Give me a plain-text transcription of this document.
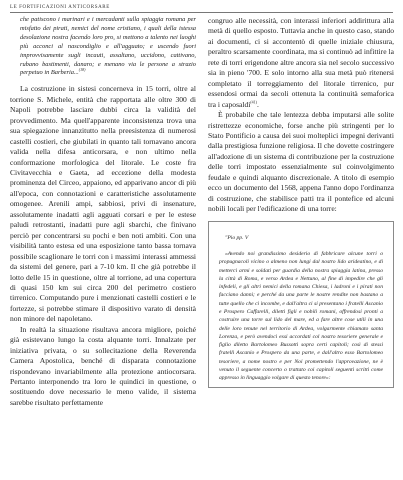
LE FORTIFICAZIONI ANTICORSARE

che patiscono i marinari e i mercadanti sulla spiaggia romana per misfatto dei pirati, nemici del nome cristiano, i quali della istessa desolazione nostra facendo loro pro, si mettono a talento nei luoghi più acconci al nascondiglio e all'agguato; e uscendo fuori improvvisamente sugli incauti, assaltano, uccidono, cattivano, rubano bastimenti, danaro; e menano via le persone a strazio perpetuo in Barberia...$^{(18)}$

La costruzione in sistesi concerneva in 15 torri, oltre al torrione S. Michele, entità che rapportata alle oltre 300 di Napoli potrebbe lasciare dubbi circa la validità del provvedimento. Ma quell'apparente inconsistenza trova una sua spiegazione innanzitutto nella preesistenza di numerosi castelli costieri, che giubilati in quanto tali tornavano ancora valida nella difesa anticorsara, e non ultimo nella conformazione morfologica del litorale. Le coste fra Civitavecchia e Gaeta, ad eccezione della modesta prominenza del Circeo, appaiono, ed apparivano ancor di più all'epoca, con connotazioni e caratteristiche assolutamente omogenee. Arenili ampi, sabbiosi, privi di insenature, assolutamente inadatti agli agguati corsari e per le estese paludi retrostanti, inadatti pure agli sbarchi, che finivano perciò per concentrarsi su pochi e ben noti ambiti. Con una visibilità tanto estesa ed una esposizione tanto bassa tornava possibile scaglionare le torri con i massimi interassi ammessi da sistemi del genere, pari a 7-10 km. Il che già potrebbe il lotto delle 15 in questione, oltre al torrione, ad una copertura di quasi 150 km sui circa 200 del perimetro costiero tirrenico. Computando pure i menzionati castelli costieri e le fortezze, si potrebbe stimare il dispositivo varato di densità non minore del napoletano.

In realtà la situazione risultava ancora migliore, poiché già esistevano lungo la costa alquante torri. Innalzate per iniziativa privata, o su sollecitazione della Reverenda Camera Apostolica, benché di disparata connotazione rispondevano invariabilmente alla protezione antiocorsara. Pertanto interponendo tra loro le quindici in questione, o sostituendo dove necessario le meno valide, il sistema sarebbe risultato perfettamente

congruo alle necessità, con interassi inferiori addirittura alla metà di quello esposto. Tuttavia anche in questo caso, stando ai documenti, ci si accontentò di quelle iniziale chiusura, peraltro scarsamente coordinata, ma si continuò ad infittire la rete di torri erigendone altre ancora sia nel secolo successivo sia in pieno '700. E solo intorno alla sua metà può ritenersi completato il torreggiamento del litorale tirrenico, pur essendosi ormai da secoli ottenuta la continuità semaforica tra i caposaldi$^{(41)}$.

È probabile che tale lentezza debba imputarsi alle solite ristrettezze economiche, forse anche più stringenti per lo Stato Pontificio a causa dei suoi molteplici impegni derivanti dalla prestigiosa funzione religiosa. Il che dovette costringere all'adozione di un sistema di contribuzione per la costruzione delle torri impostato essenzialmente sul coinvolgimento feudale e quindi alquanto discrezionale. A titolo di esempio ecco un documento del 1568, appena l'anno dopo l'ordinanza di costruzione, che stabilisce patti tra il pontefice ed alcuni nobili locali per l'edificazione di una torre:

"Pio pp. V
«Avendo noi grandissimo desiderio di fabbricare alcune torri o propugnacoli vicino o almeno non lungi dal nostro lido arideatino, e di metterci armi e soldati per guardia della nostra spiaggia latina, presso la città di Roma, e verso Ardea e Nettuno, al fine di impedire che gli infedeli, e gli altri nemici della romana Chiesa, i ladroni e i pirati non facciano danni; e perché da una parte le nostre rendite non bastano a tutte quello che ci incombe, e dall'altra ci si presentano i fratelli Ascanio e Prospero Caffarelli, diletti figli e nobili romani, offrendosi pronti a costruire una torre sul lido del mare, ed a fare altre cose utili in una delle loro tenute nel territorio di Ardea, volgarmente chiamato santa Lorenza, e però avendoci essi accordati col nostro tesoriere generale e figlio diletto Bartolomeo Bussotti sopra certi capitoli; così di stessi fratelli Ascanio e Prospero da una parte, e dall'altro esso Bartolomeo tesoriere, a nome nostro e per Noi promettendo l'approvazione, ne è venuto il seguente concerto o trattato coi capitoli seguenti scritti come appresso in linguaggio volgare di questo tenore»:
